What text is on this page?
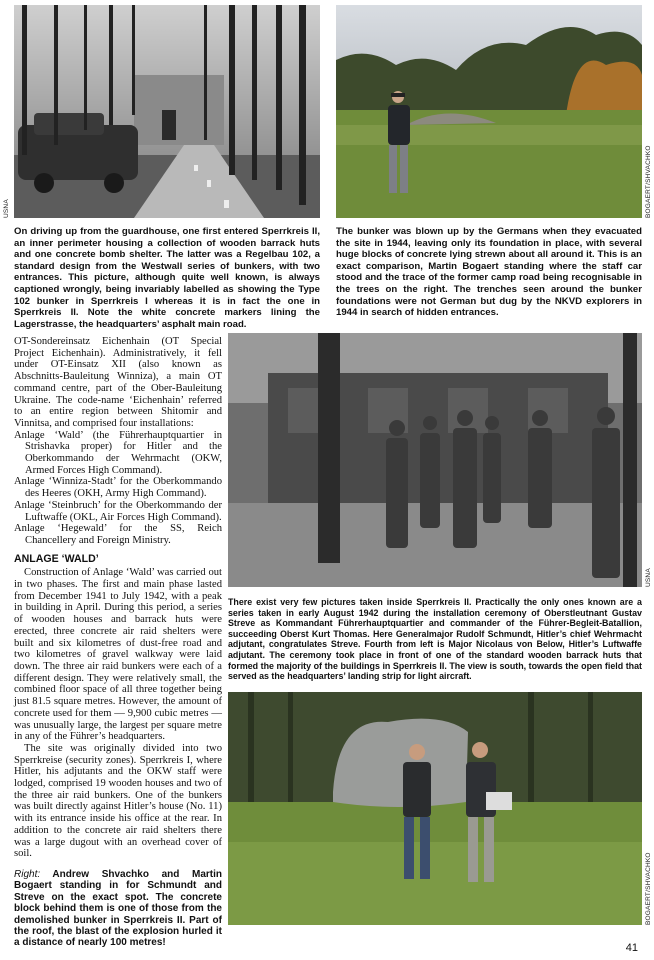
USNA	BOGAERT/SHVACHKO

On driving up from the guardhouse, one first entered Sperrkreis II, an inner perimeter housing a collection of wooden barrack huts and one concrete bomb shelter. The latter was a Regelbau 102, a standard design from the Westwall series of bunkers, with two entrances. This picture, although quite well known, is always captioned wrongly, being invariably labelled as showing the Type 102 bunker in Sperrkreis I whereas it is in fact the one in Sperrkreis II. Note the white concrete markers lining the Lagerstrasse, the headquarters’ asphalt main road.

The bunker was blown up by the Germans when they evacuated the site in 1944, leaving only its foundation in place, with several huge blocks of concrete lying strewn about all around it. This is an exact comparison, Martin Bogaert standing where the staff car stood and the trace of the former camp road being recognisable in the trees on the right. The trenches seen around the bunker foundations were not German but dug by the NKVD explorers in 1944 in search of hidden entrances.

OT-Sondereinsatz Eichenhain (OT Special Project Eichenhain). Administratively, it fell under OT-Einsatz XII (also known as Abschnitts-Bauleitung Winniza), a main OT command centre, part of the Ober-Bauleitung Ukraine. The code-name ‘Eichenhain’ referred to an entire region between Shitomir and Vinnitsa, and comprised four installations:

Anlage ‘Wald’ (the Führerhauptquartier in Strishavka proper) for Hitler and the Oberkommando der Wehrmacht (OKW, Armed Forces High Command).

Anlage ‘Winniza-Stadt’ for the Oberkommando des Heeres (OKH, Army High Command).

Anlage ‘Steinbruch’ for the Oberkommando der Luftwaffe (OKL, Air Forces High Command).

Anlage ‘Hegewald’ for the SS, Reich Chancellery and Foreign Ministry.

ANLAGE ‘WALD’

Construction of Anlage ‘Wald’ was carried out in two phases. The first and main phase lasted from December 1941 to July 1942, with a peak in building in April. During this period, a series of wooden houses and barrack huts were erected, three concrete air raid shelters were built and six kilometres of dust-free road and two kilometres of gravel walkway were laid down. The three air raid bunkers were each of a different design. They were relatively small, the combined floor space of all three together being just 81.5 square metres. However, the amount of concrete used for them — 9,900 cubic metres — was unusually large, the largest per square metre in any of the Führer’s headquarters.

The site was originally divided into two Sperrkreise (security zones). Sperrkreis I, where Hitler, his adjutants and the OKW staff were lodged, comprised 19 wooden houses and two of the three air raid bunkers. One of the bunkers was built directly against Hitler’s house (No. 11) with its entrance inside his office at the rear. In addition to the concrete air raid shelters there was a large dugout with an overhead cover of soil.

Right: Andrew Shvachko and Martin Bogaert standing in for Schmundt and Streve on the exact spot. The concrete block behind them is one of those from the demolished bunker in Sperrkreis II. Part of the roof, the blast of the explosion hurled it a distance of nearly 100 metres!

USNA

There exist very few pictures taken inside Sperrkreis II. Practically the only ones known are a series taken in early August 1942 during the installation ceremony of Oberstleutnant Gustav Streve as Kommandant Führerhauptquartier and commander of the Führer-Begleit-Batallion, succeeding Oberst Kurt Thomas. Here Generalmajor Rudolf Schmundt, Hitler’s chief Wehrmacht adjutant, congratulates Streve. Fourth from left is Major Nicolaus von Below, Hitler’s Luftwaffe adjutant. The ceremony took place in front of one of the standard wooden barrack huts that formed the majority of the buildings in Sperrkreis II. The view is south, towards the open field that served as the headquarters’ landing strip for light aircraft.

BOGAERT/SHVACHKO
41
